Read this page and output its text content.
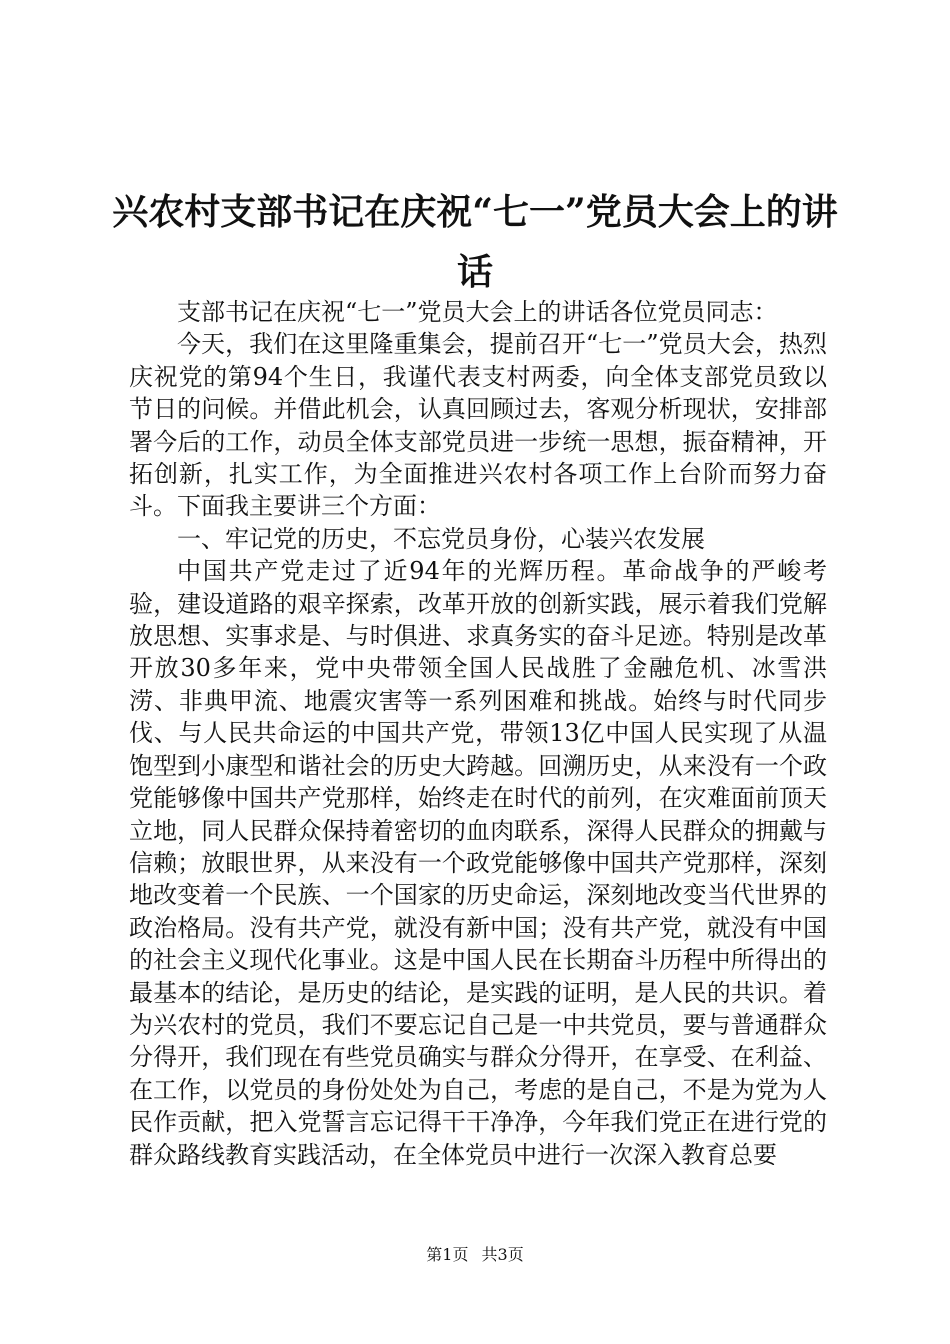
兴农村支部书记在庆祝“七一”党员大会上的讲话

支部书记在庆祝“七一”党员大会上的讲话各位党员同志：

今天，我们在这里隆重集会，提前召开“七一”党员大会，热烈庆祝党的第94个生日，我谨代表支村两委，向全体支部党员致以节日的问候。并借此机会，认真回顾过去，客观分析现状，安排部署今后的工作，动员全体支部党员进一步统一思想，振奋精神，开拓创新，扎实工作，为全面推进兴农村各项工作上台阶而努力奋斗。下面我主要讲三个方面：

一、牢记党的历史，不忘党员身份，心装兴农发展

中国共产党走过了近94年的光辉历程。革命战争的严峻考验，建设道路的艰辛探索，改革开放的创新实践，展示着我们党解放思想、实事求是、与时俱进、求真务实的奋斗足迹。特别是改革开放30多年来，党中央带领全国人民战胜了金融危机、冰雪洪涝、非典甲流、地震灾害等一系列困难和挑战。始终与时代同步伐、与人民共命运的中国共产党，带领13亿中国人民实现了从温饱型到小康型和谐社会的历史大跨越。回溯历史，从来没有一个政党能够像中国共产党那样，始终走在时代的前列，在灾难面前顶天立地，同人民群众保持着密切的血肉联系，深得人民群众的拥戴与信赖；放眼世界，从来没有一个政党能够像中国共产党那样，深刻地改变着一个民族、一个国家的历史命运，深刻地改变当代世界的政治格局。没有共产党，就没有新中国；没有共产党，就没有中国的社会主义现代化事业。这是中国人民在长期奋斗历程中所得出的最基本的结论，是历史的结论，是实践的证明，是人民的共识。着为兴农村的党员，我们不要忘记自己是一中共党员，要与普通群众分得开，我们现在有些党员确实与群众分得开，在享受、在利益、在工作，以党员的身份处处为自己，考虑的是自己，不是为党为人民作贡献，把入党誓言忘记得干干净净，今年我们党正在进行党的群众路线教育实践活动，在全体党员中进行一次深入教育总要

第1页 共3页
